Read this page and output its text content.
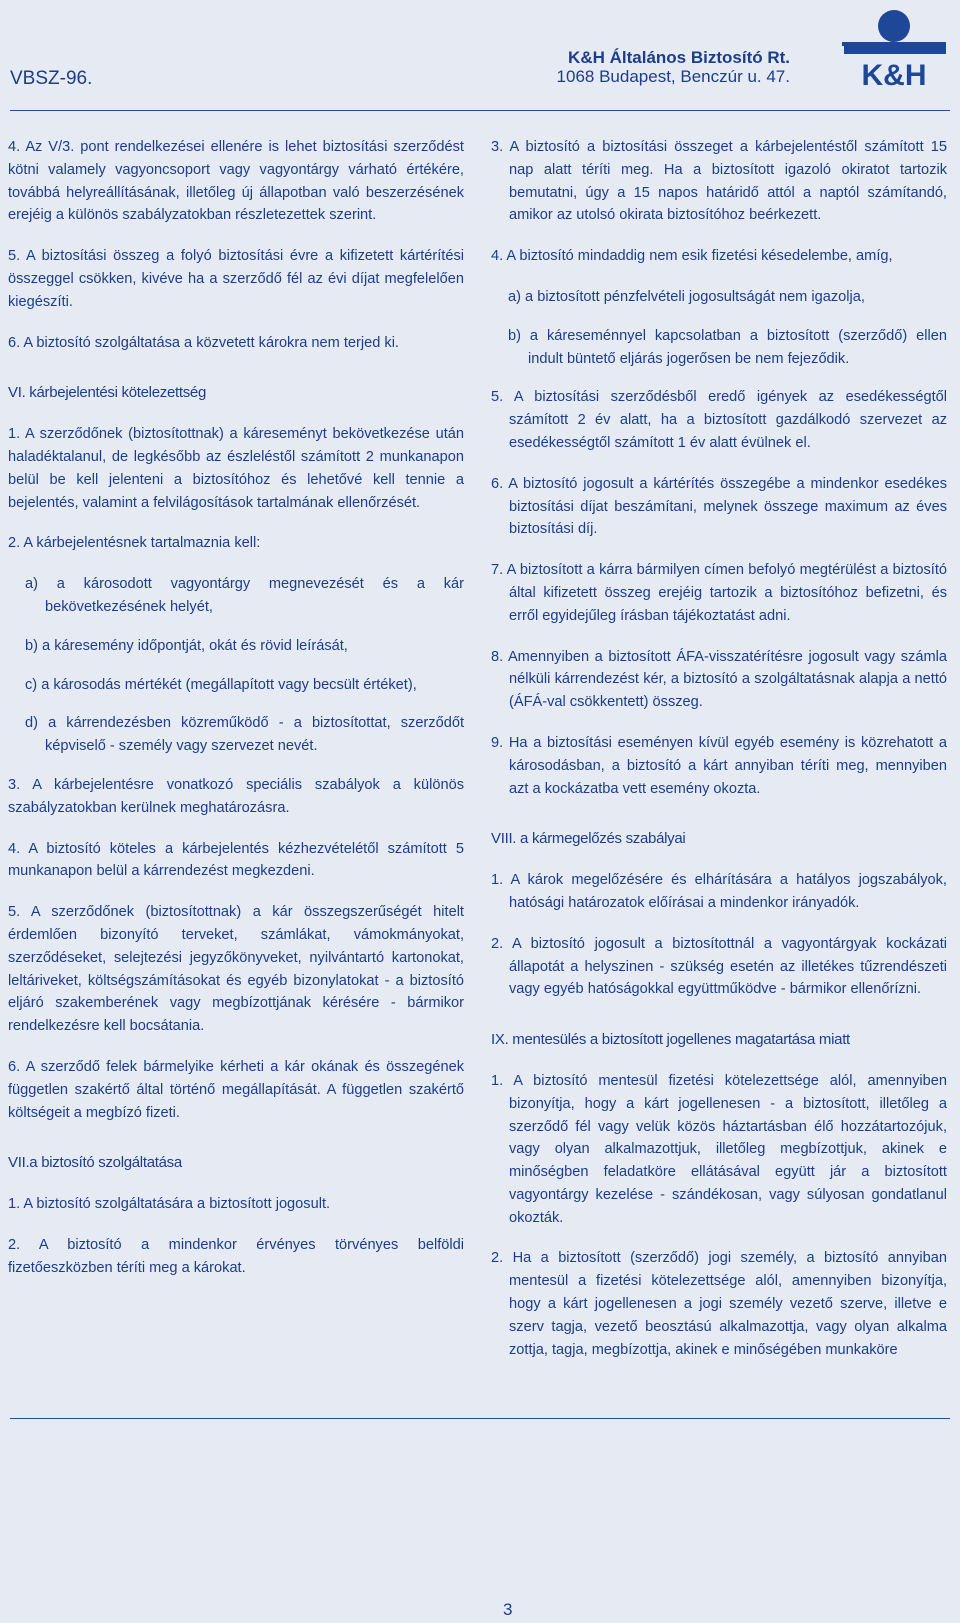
VBSZ-96.
K&H Általános Biztosító Rt.
1068 Budapest, Benczúr u. 47. K&H

4. Az V/3. pont rendelkezései ellenére is lehet biztosítási szerződést kötni valamely vagyoncsoport vagy vagyontárgy várható értékére, továbbá helyreállításának, illetőleg új állapotban való beszerzésének erejéig a különös szabályzatokban részletezettek szerint.

5. A biztosítási összeg a folyó biztosítási évre a kifizetett kártérítési összeggel csökken, kivéve ha a szerződő fél az évi díjat megfelelően kiegészíti.

6. A biztosító szolgáltatása a közvetett károkra nem terjed ki.

VI. kárbejelentési kötelezettség

1. A szerződőnek (biztosítottnak) a káreseményt bekövetkezése után haladéktalanul, de legkésőbb az észleléstől számított 2 munkanapon belül be kell jelenteni a biztosítóhoz és lehetővé kell tennie a bejelentés, valamint a felvilágosítások tartalmának ellenőrzését.

2. A kárbejelentésnek tartalmaznia kell:

a) a károsodott vagyontárgy megnevezését és a kár bekövetkezésének helyét,

b) a káresemény időpontját, okát és rövid leírását,

c) a károsodás mértékét (megállapított vagy becsült értéket),

d) a kárrendezésben közreműködő - a biztosítottat, szerződőt képviselő - személy vagy szervezet nevét.

3. A kárbejelentésre vonatkozó speciális szabályok a különös szabályzatokban kerülnek meghatározásra.

4. A biztosító köteles a kárbejelentés kézhezvételétől számított 5 munkanapon belül a kárrendezést megkezdeni.

5. A szerződőnek (biztosítottnak) a kár összegszerűségét hitelt érdemlően bizonyító terveket, számlákat, vámokmányokat, szerződéseket, selejtezési jegyzőkönyveket, nyilvántartó kartonokat, leltáriveket, költségszámításokat és egyéb bizonylatokat - a biztosító eljáró szakemberének vagy megbízottjának kérésére - bármikor rendelkezésre kell bocsátania.

6. A szerződő felek bármelyike kérheti a kár okának és összegének független szakértő által történő megállapítását. A független szakértő költségeit a megbízó fizeti.

VII.a biztosító szolgáltatása

1. A biztosító szolgáltatására a biztosított jogosult.

2. A biztosító a mindenkor érvényes törvényes belföldi fizetőeszközben téríti meg a károkat.

3. A biztosító a biztosítási összeget a kárbejelentéstől számított 15 nap alatt téríti meg. Ha a biztosított igazoló okiratot tartozik bemutatni, úgy a 15 napos határidő attól a naptól számítandó, amikor az utolsó okirata biztosítóhoz beérkezett.

4. A biztosító mindaddig nem esik fizetési késedelembe, amíg,

a) a biztosított pénzfelvételi jogosultságát nem igazolja,

b) a káreseménnyel kapcsolatban a biztosított (szerződő) ellen indult büntető eljárás jogerősen be nem fejeződik.

5. A biztosítási szerződésből eredő igények az esedékességtől számított 2 év alatt, ha a biztosított gazdálkodó szervezet az esedékességtől számított 1 év alatt évülnek el.

6. A biztosító jogosult a kártérítés összegébe a mindenkor esedékes biztosítási díjat beszámítani, melynek összege maximum az éves biztosítási díj.

7. A biztosított a kárra bármilyen címen befolyó megtérülést a biztosító által kifizetett összeg erejéig tartozik a biztosítóhoz befizetni, és erről egyidejűleg írásban tájékoztatást adni.

8. Amennyiben a biztosított ÁFA-visszatérítésre jogosult vagy számla nélküli kárrendezést kér, a biztosító a szolgáltatásnak alapja a nettó (ÁFÁ-val csökkentett) összeg.

9. Ha a biztosítási eseményen kívül egyéb esemény is közrehatott a károsodásban, a biztosító a kárt annyiban téríti meg, mennyiben azt a kockázatba vett esemény okozta.

VIII. a kármegelőzés szabályai

1. A károk megelőzésére és elhárítására a hatályos jogszabályok, hatósági határozatok előírásai a mindenkor irányadók.

2. A biztosító jogosult a biztosítottnál a vagyontárgyak kockázati állapotát a helyszinen - szükség esetén az illetékes tűzrendészeti vagy egyéb hatóságokkal együttműködve - bármikor ellenőrízni.

IX. mentesülés a biztosított jogellenes magatartása miatt

1. A biztosító mentesül fizetési kötelezettsége alól, amennyiben bizonyítja, hogy a kárt jogellenesen - a biztosított, illetőleg a szerződő fél vagy velük közös háztartásban élő hozzátartozójuk, vagy olyan alkalmazottjuk, illetőleg megbízottjuk, akinek e minőségben feladatköre ellátásával együtt jár a biztosított vagyontárgy kezelése - szándékosan, vagy súlyosan gondatlanul okozták.

2. Ha a biztosított (szerződő) jogi személy, a biztosító annyiban mentesül a fizetési kötelezettsége alól, amennyiben bizonyítja, hogy a kárt jogellenesen a jogi személy vezető szerve, illetve e szerv tagja, vezető beosztású alkalmazottja, vagy olyan alkalma zottja, tagja, megbízottja, akinek e minőségében munkaköre

3
